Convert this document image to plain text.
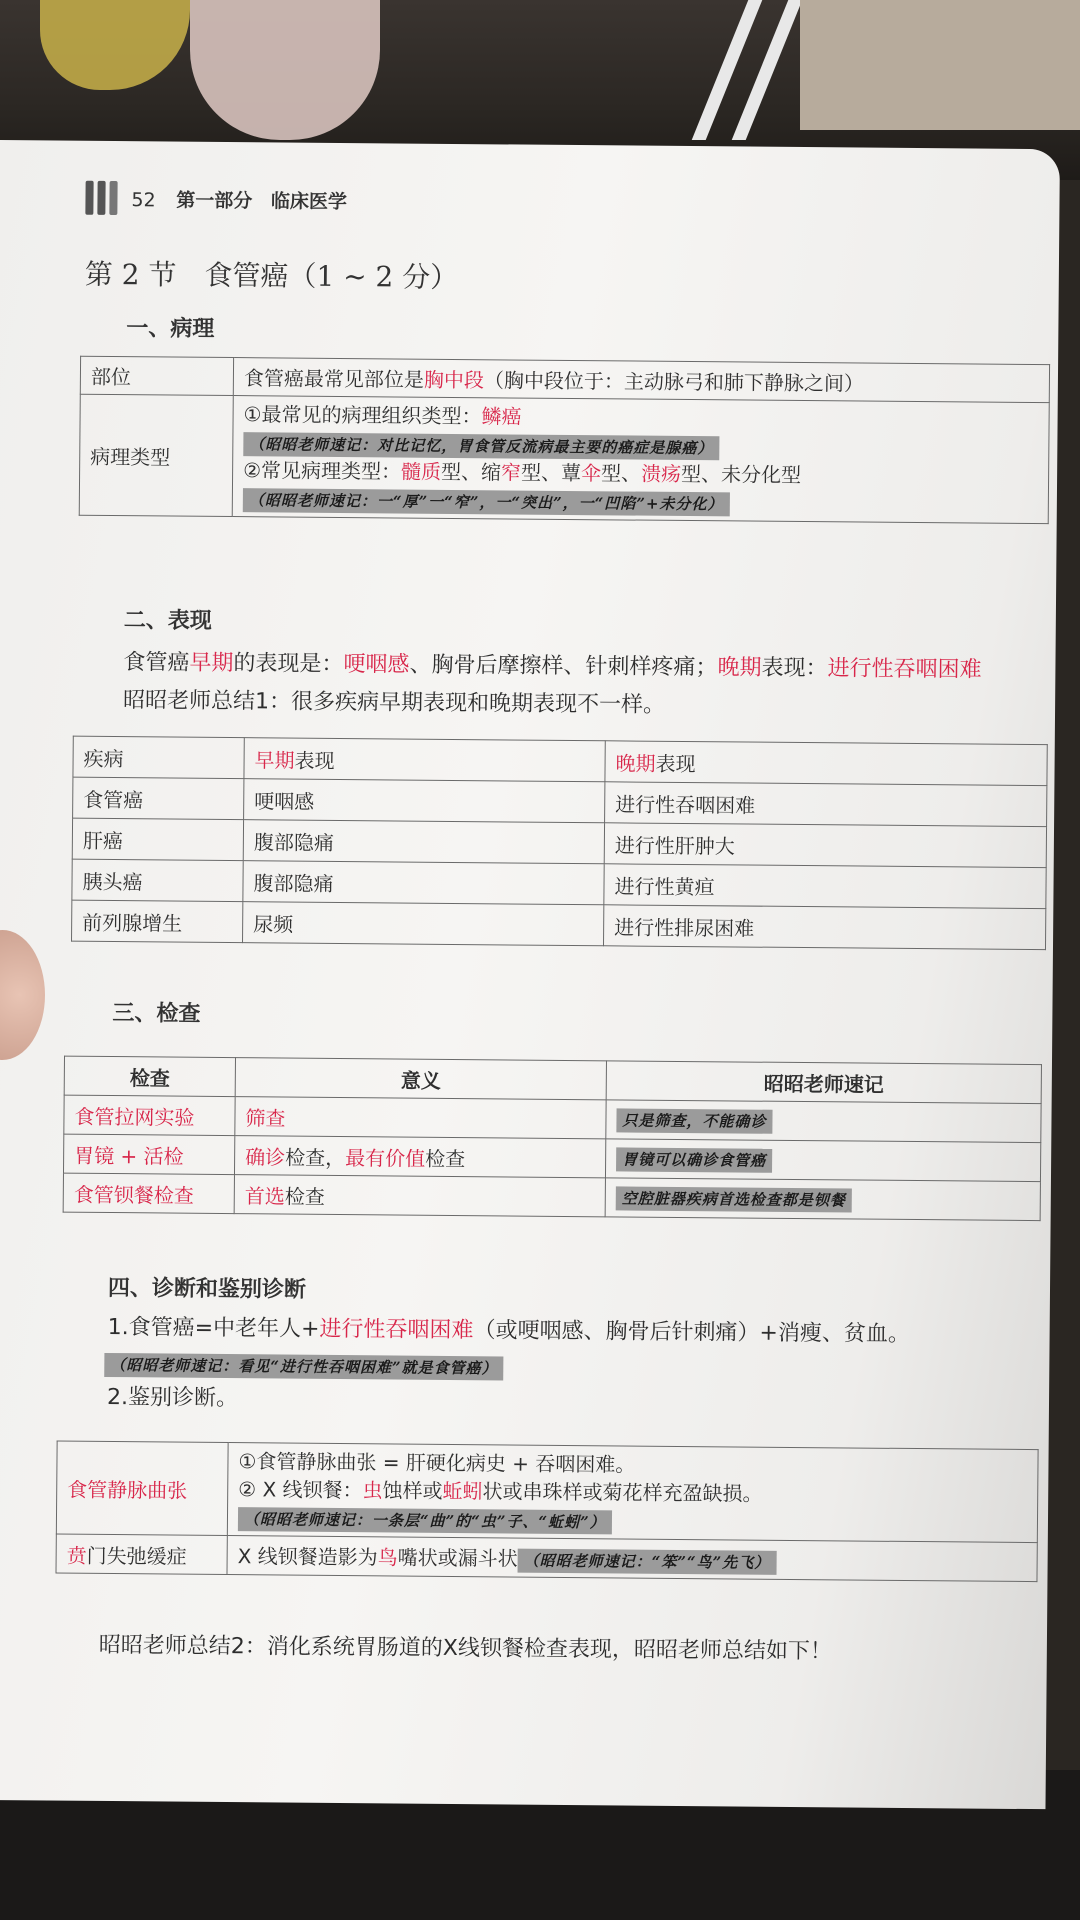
52 第一部分 临床医学
第 2 节　食管癌（1 ~ 2 分）
一、病理
部位	食管癌最常见部位是胸中段（胸中段位于：主动脉弓和肺下静脉之间）
病理类型	①最常见的病理组织类型：鳞癌
（昭昭老师速记：对比记忆，胃食管反流病最主要的癌症是腺癌）
②常见病理类型：髓质型、缩窄型、蕈伞型、溃疡型、未分化型
（昭昭老师速记：一“厚”一“窄”，一“突出”，一“凹陷”+未分化）
二、表现
食管癌早期的表现是：哽咽感、胸骨后摩擦样、针刺样疼痛；晚期表现：进行性吞咽困难
昭昭老师总结1：很多疾病早期表现和晚期表现不一样。
疾病	早期表现	晚期表现
食管癌	哽咽感	进行性吞咽困难
肝癌	腹部隐痛	进行性肝肿大
胰头癌	腹部隐痛	进行性黄疸
前列腺增生	尿频	进行性排尿困难
三、检查
检查	意义	昭昭老师速记
食管拉网实验	筛查	只是筛查，不能确诊
胃镜 + 活检	确诊检查，最有价值检查	胃镜可以确诊食管癌
食管钡餐检查	首选检查	空腔脏器疾病首选检查都是钡餐
四、诊断和鉴别诊断
1.食管癌=中老年人+进行性吞咽困难（或哽咽感、胸骨后针刺痛）+消瘦、贫血。
（昭昭老师速记：看见“进行性吞咽困难”就是食管癌）
2.鉴别诊断。
食管静脉曲张	①食管静脉曲张 = 肝硬化病史 + 吞咽困难。
② X 线钡餐：虫蚀样或蚯蚓状或串珠样或菊花样充盈缺损。
（昭昭老师速记：一条层“曲”的“虫”子、“蚯蚓”）

贲门失弛缓症	X 线钡餐造影为鸟嘴状或漏斗状 （昭昭老师速记：“笨”“鸟”先飞）
昭昭老师总结2：消化系统胃肠道的X线钡餐检查表现，昭昭老师总结如下！
